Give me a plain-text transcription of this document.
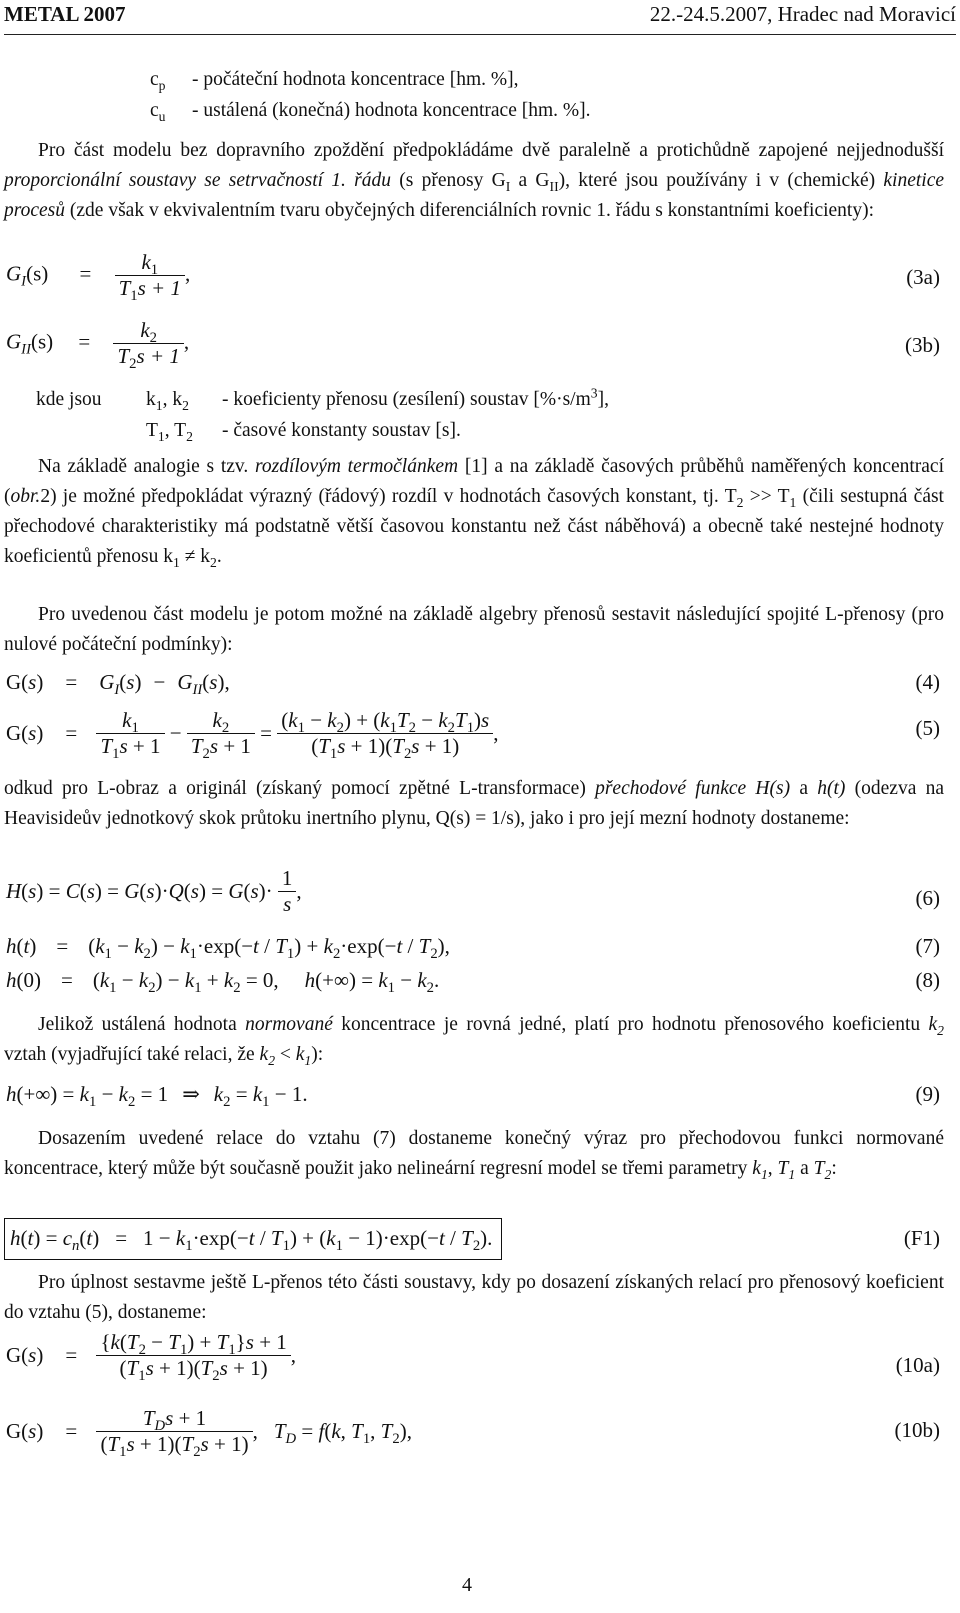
METAL 2007	22.-24.5.2007, Hradec nad Moravicí
$c_p$ - počáteční hodnota koncentrace [hm. %],
$c_u$ - ustálená (konečná) hodnota koncentrace [hm. %].

Pro část modelu bez dopravního zpoždění předpokládáme dvě paralelně a protichůdně zapojené nejjednodušší proporcionální soustavy se setrvačností 1. řádu (s přenosy $G_I$ a $G_{II}$), které jsou používány i v (chemické) kinetice procesů (zde však v ekvivalentním tvaru obyčejných diferenciálních rovnic 1. řádu s konstantními koeficienty):

$G_I(s) = \frac{k_1}{T_1s + 1}$ ,	(3a)
$G_{II}(s) = \frac{k_2}{T_2s + 1}$ ,	(3b)
kde jsou $k_1$, $k_2$ - koeficienty přenosu (zesílení) soustav $[\%\cdot s/m^3]$,
$T_1$, $T_2$ - časové konstanty soustav [s].

Na základě analogie s tzv. rozdílovým termočlánkem [1] a na základě časových průběhů naměřených koncentrací (obr.2) je možné předpokládat výrazný (řádový) rozdíl v hodnotách časových konstant, tj. $T_2 >> T_1$ (čili sestupná část přechodové charakteristiky má podstatně větší časovou konstantu než část náběhová) a obecně také nestejné hodnoty koeficientů přenosu $k_1 \ne k_2$.

Pro uvedenou část modelu je potom možné na základě algebry přenosů sestavit následující spojité L-přenosy (pro nulové počáteční podmínky):

$G(s) = G_I(s) - G_{II}(s)$,	(4)
$G(s) = \frac{k_1}{T_1s + 1} - \frac{k_2}{T_2s + 1} = \frac{(k_1 - k_2) + (k_1T_2 - k_2T_1)s}{(T_1s + 1)(T_2s + 1)}$ ,	(5)

odkud pro L-obraz a originál (získaný pomocí zpětné L-transformace) přechodové funkce H(s) a h(t) (odezva na Heavisideův jednotkový skok průtoku inertního plynu, Q(s) = 1/s), jako i pro její mezní hodnoty dostaneme:

$H(s) = C(s) = G(s)\cdot Q(s) = G(s)\cdot \frac{1}{s}$ ,	(6)
$h(t) = (k_1 - k_2) - k_1\cdot\exp(-t / T_1) + k_2\cdot\exp(-t / T_2)$,	(7)
$h(0) = (k_1 - k_2) - k_1 + k_2 = 0$, $h(+\infty) = k_1 - k_2$.	(8)

Jelikož ustálená hodnota normované koncentrace je rovná jedné, platí pro hodnotu přenosového koeficientu $k_2$ vztah (vyjadřující také relaci, že $k_2 < k_1$):

$h(+\infty) = k_1 - k_2 = 1$ ⇒ $k_2 = k_1 - 1$.	(9)

Dosazením uvedené relace do vztahu (7) dostaneme konečný výraz pro přechodovou funkci normované koncentrace, který může být současně použit jako nelineární regresní model se třemi parametry $k_1$, $T_1$ a $T_2$:

$h(t) = c_n(t) = 1 - k_1\cdot\exp(-t / T_1) + (k_1 - 1)\cdot\exp(-t / T_2)$.	(F1)

Pro úplnost sestavme ještě L-přenos této části soustavy, kdy po dosazení získaných relací pro přenosový koeficient do vztahu (5), dostaneme:

$G(s) = \frac{\{k(T_2 - T_1) + T_1\}s + 1}{(T_1s + 1)(T_2s + 1)}$ ,	(10a)
$G(s) = \frac{T_Ds + 1}{(T_1s + 1)(T_2s + 1)}$ , $T_D = f(k$, $T_1$, $T_2$),	(10b)
4
